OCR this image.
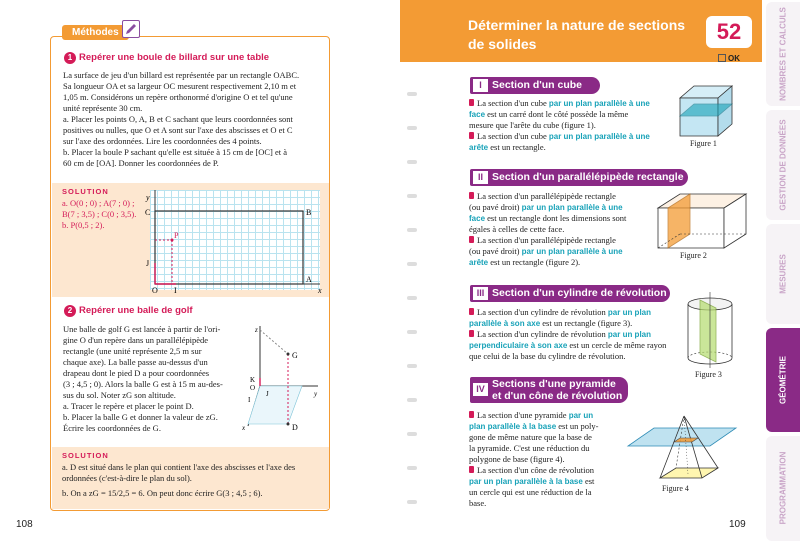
Méthodes
1 Repérer une boule de billard sur une table
La surface de jeu d'un billard est représentée par un rectangle OABC.
Sa longueur OA et sa largeur OC mesurent respectivement 2,10 m et
1,05 m. Considérons un repère orthonormé d'origine O et tel qu'une
unité représente 30 cm.
a. Placer les points O, A, B et C sachant que leurs coordonnées sont
positives ou nulles, que O et A sont sur l'axe des abscisses et O et C
sur l'axe des ordonnées. Lire les coordonnées des 4 points.
b. Placer la boule P sachant qu'elle est située à 15 cm de [OC] et à
60 cm de [OA]. Donner les coordonnées de P.
SOLUTION
a. O(0 ; 0) ; A(7 ; 0) ;
B(7 ; 3,5) ; C(0 ; 3,5).
b. P(0,5 ; 2).
y
x
C	B
A
O I
J
P
2 Repérer une balle de golf
Une balle de golf G est lancée à partir de l'ori-
gine O d'un repère dans un parallélépipède
rectangle (une unité représente 2,5 m sur
chaque axe). La balle passe au-dessus d'un
drapeau dont le pied D a pour coordonnées
(3 ; 4,5 ; 0). Alors la balle G est à 15 m au-des-
sus du sol. Noter zG son altitude.
a. Tracer le repère et placer le point D.
b. Placer la balle G et donner la valeur de zG.
Écrire les coordonnées de G.
z
G
K
O
I
J
x
y
D
SOLUTION
a. D est situé dans le plan qui contient l'axe des abscisses et l'axe des
ordonnées (c'est-à-dire le plan du sol).
b. On a zG = 15/2,5 = 6. On peut donc écrire G(3 ; 4,5 ; 6).
108
Déterminer la nature de sections
de solides	52
OK
I Section d'un cube
La section d'un cube par un plan parallèle à une
face est un carré dont le côté possède la même
mesure que l'arête du cube (figure 1).
La section d'un cube par un plan parallèle à une
arête est un rectangle.	Figure 1
II Section d'un parallélépipède rectangle
La section d'un parallélépipède rectangle
(ou pavé droit) par un plan parallèle à une
face est un rectangle dont les dimensions sont
égales à celles de cette face.
La section d'un parallélépipède rectangle
(ou pavé droit) par un plan parallèle à une
arête est un rectangle (figure 2).
Figure 2
III Section d'un cylindre de révolution
La section d'un cylindre de révolution par un plan
parallèle à son axe est un rectangle (figure 3).
La section d'un cylindre de révolution par un plan
perpendiculaire à son axe est un cercle de même rayon
que celui de la base du cylindre de révolution.
Figure 3
IV Sections d'une pyramide
et d'un cône de révolution
La section d'une pyramide par un
plan parallèle à la base est un poly-
gone de même nature que la base de
la pyramide. C'est une réduction du
polygone de base (figure 4).
La section d'un cône de révolution
par un plan parallèle à la base est
un cercle qui est une réduction de la
base.
Figure 4
109
NOMBRES ET CALCULS
GESTION DE DONNÉES
MESURES
GÉOMÉTRIE
PROGRAMMATION
